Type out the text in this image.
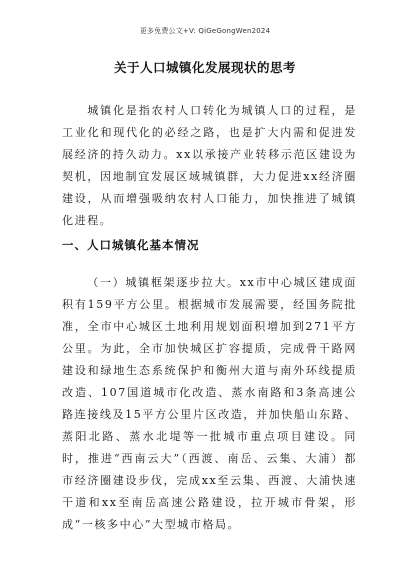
更多免费公文+V: QiGeGongWen2024
关于人口城镇化发展现状的思考

城镇化是指农村人口转化为城镇人口的过程，是工业化和现代化的必经之路，也是扩大内需和促进发展经济的持久动力。xx以承接产业转移示范区建设为契机，因地制宜发展区域城镇群，大力促进xx经济圈建设，从而增强吸纳农村人口能力，加快推进了城镇化进程。

一、人口城镇化基本情况

（一）城镇框架逐步拉大。xx市中心城区建成面积有159平方公里。根据城市发展需要，经国务院批准，全市中心城区土地利用规划面积增加到271平方公里。为此，全市加快城区扩容提质，完成骨干路网建设和绿地生态系统保护和衡州大道与南外环线提质改造、107国道城市化改造、蒸水南路和3条高速公路连接线及15平方公里片区改造，并加快船山东路、蒸阳北路、蒸水北堤等一批城市重点项目建设。同时，推进“西南云大”（西渡、南岳、云集、大浦）都市经济圈建设步伐，完成xx至云集、西渡、大浦快速干道和xx至南岳高速公路建设，拉开城市骨架，形成“一核多中心”大型城市格局。
